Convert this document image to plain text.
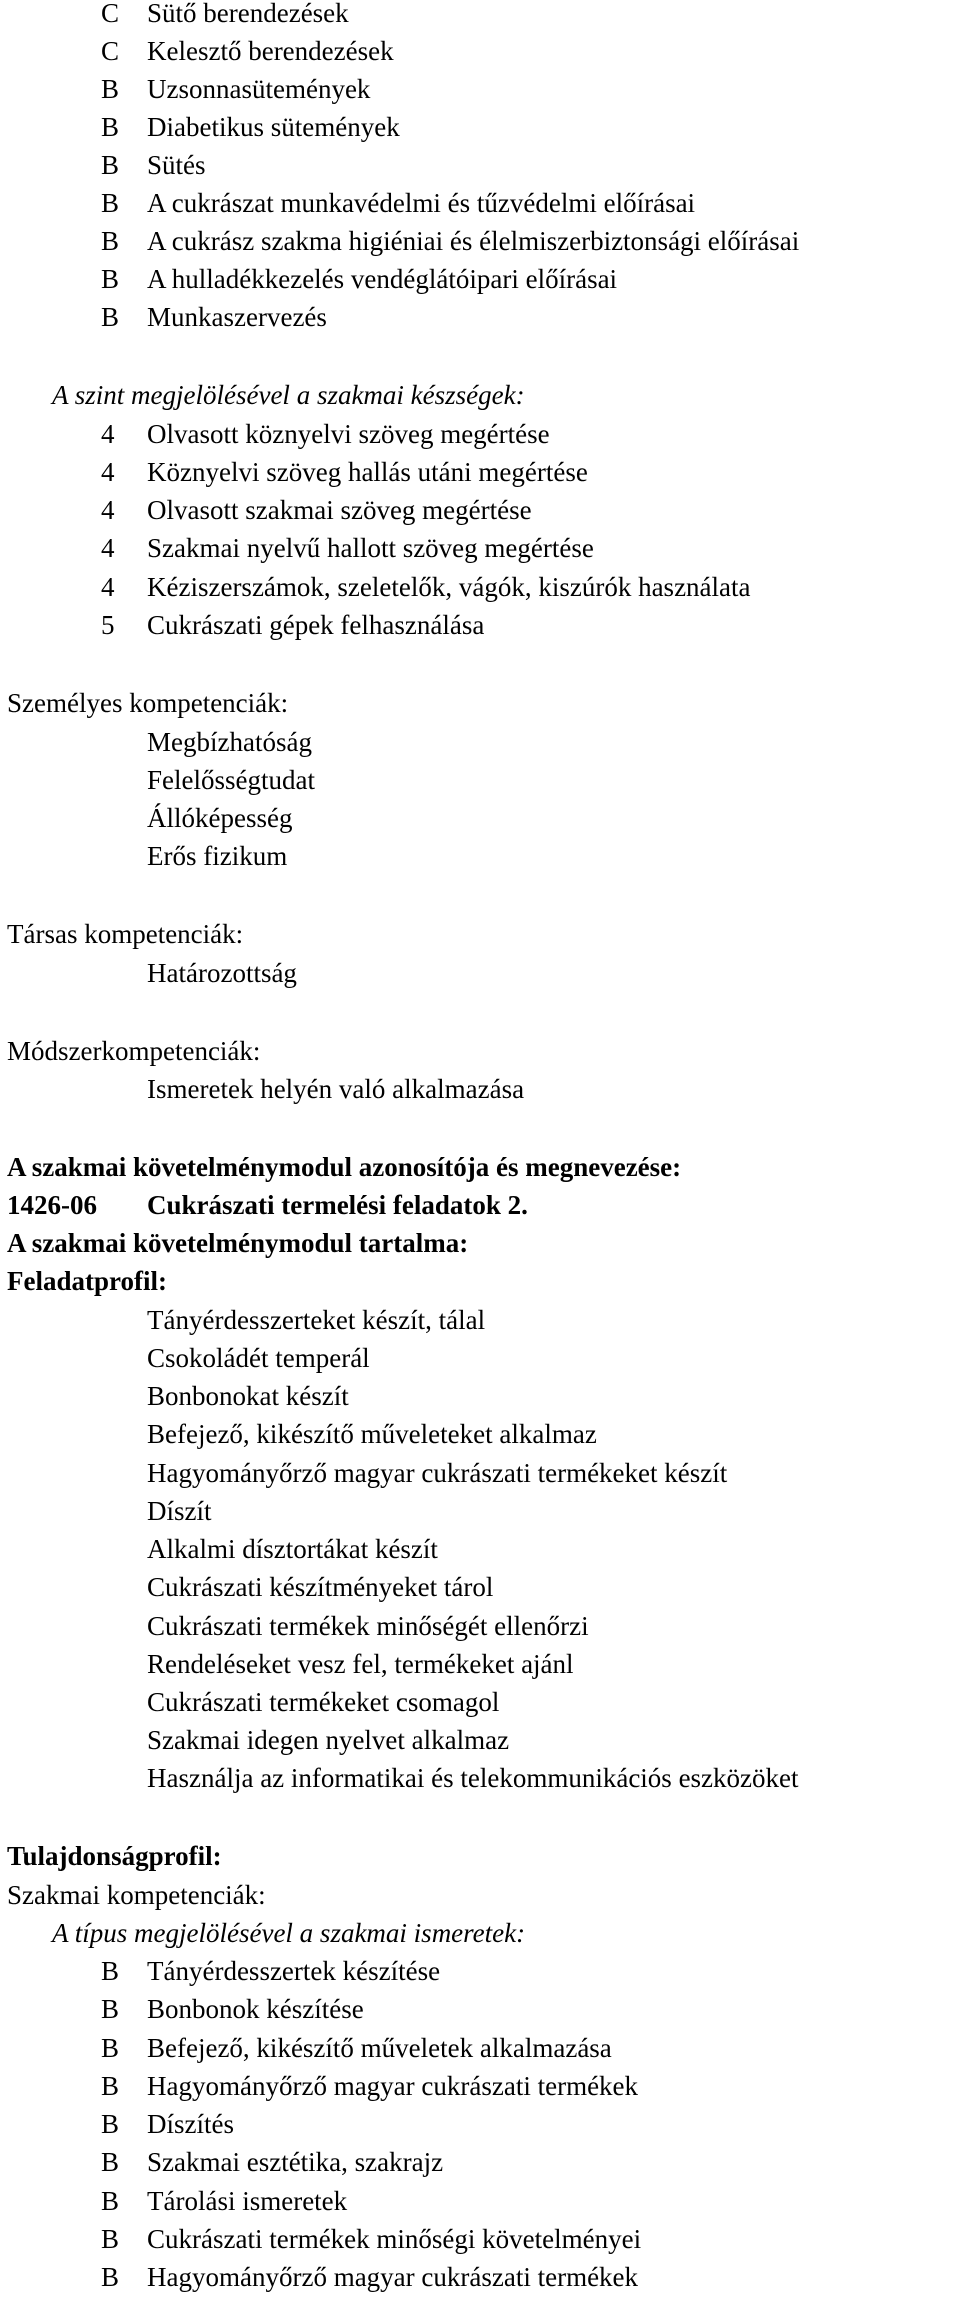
C Sütő berendezések
C Kelesztő berendezések
B Uzsonnasütemények
B Diabetikus sütemények
B Sütés
B A cukrászat munkavédelmi és tűzvédelmi előírásai
B A cukrász szakma higiéniai és élelmiszerbiztonsági előírásai
B A hulladékkezelés vendéglátóipari előírásai
B Munkaszervezés
A szint megjelölésével a szakmai készségek:
4 Olvasott köznyelvi szöveg megértése
4 Köznyelvi szöveg hallás utáni megértése
4 Olvasott szakmai szöveg megértése
4 Szakmai nyelvű hallott szöveg megértése
4 Kéziszerszámok, szeletelők, vágók, kiszúrók használata
5 Cukrászati gépek felhasználása
Személyes kompetenciák:
Megbízhatóság
Felelősségtudat
Állóképesség
Erős fizikum
Társas kompetenciák:
Határozottság
Módszerkompetenciák:
Ismeretek helyén való alkalmazása
A szakmai követelménymodul azonosítója és megnevezése:
1426-06 Cukrászati termelési feladatok 2.
A szakmai követelménymodul tartalma:
Feladatprofil:
Tányérdesszerteket készít, tálal
Csokoládét temperál
Bonbonokat készít
Befejező, kikészítő műveleteket alkalmaz
Hagyományőrző magyar cukrászati termékeket készít
Díszít
Alkalmi dísztortákat készít
Cukrászati készítményeket tárol
Cukrászati termékek minőségét ellenőrzi
Rendeléseket vesz fel, termékeket ajánl
Cukrászati termékeket csomagol
Szakmai idegen nyelvet alkalmaz
Használja az informatikai és telekommunikációs eszközöket
Tulajdonságprofil:
Szakmai kompetenciák:
A típus megjelölésével a szakmai ismeretek:
B Tányérdesszertek készítése
B Bonbonok készítése
B Befejező, kikészítő műveletek alkalmazása
B Hagyományőrző magyar cukrászati termékek
B Díszítés
B Szakmai esztétika, szakrajz
B Tárolási ismeretek
B Cukrászati termékek minőségi követelményei
B Hagyományőrző magyar cukrászati termékek
